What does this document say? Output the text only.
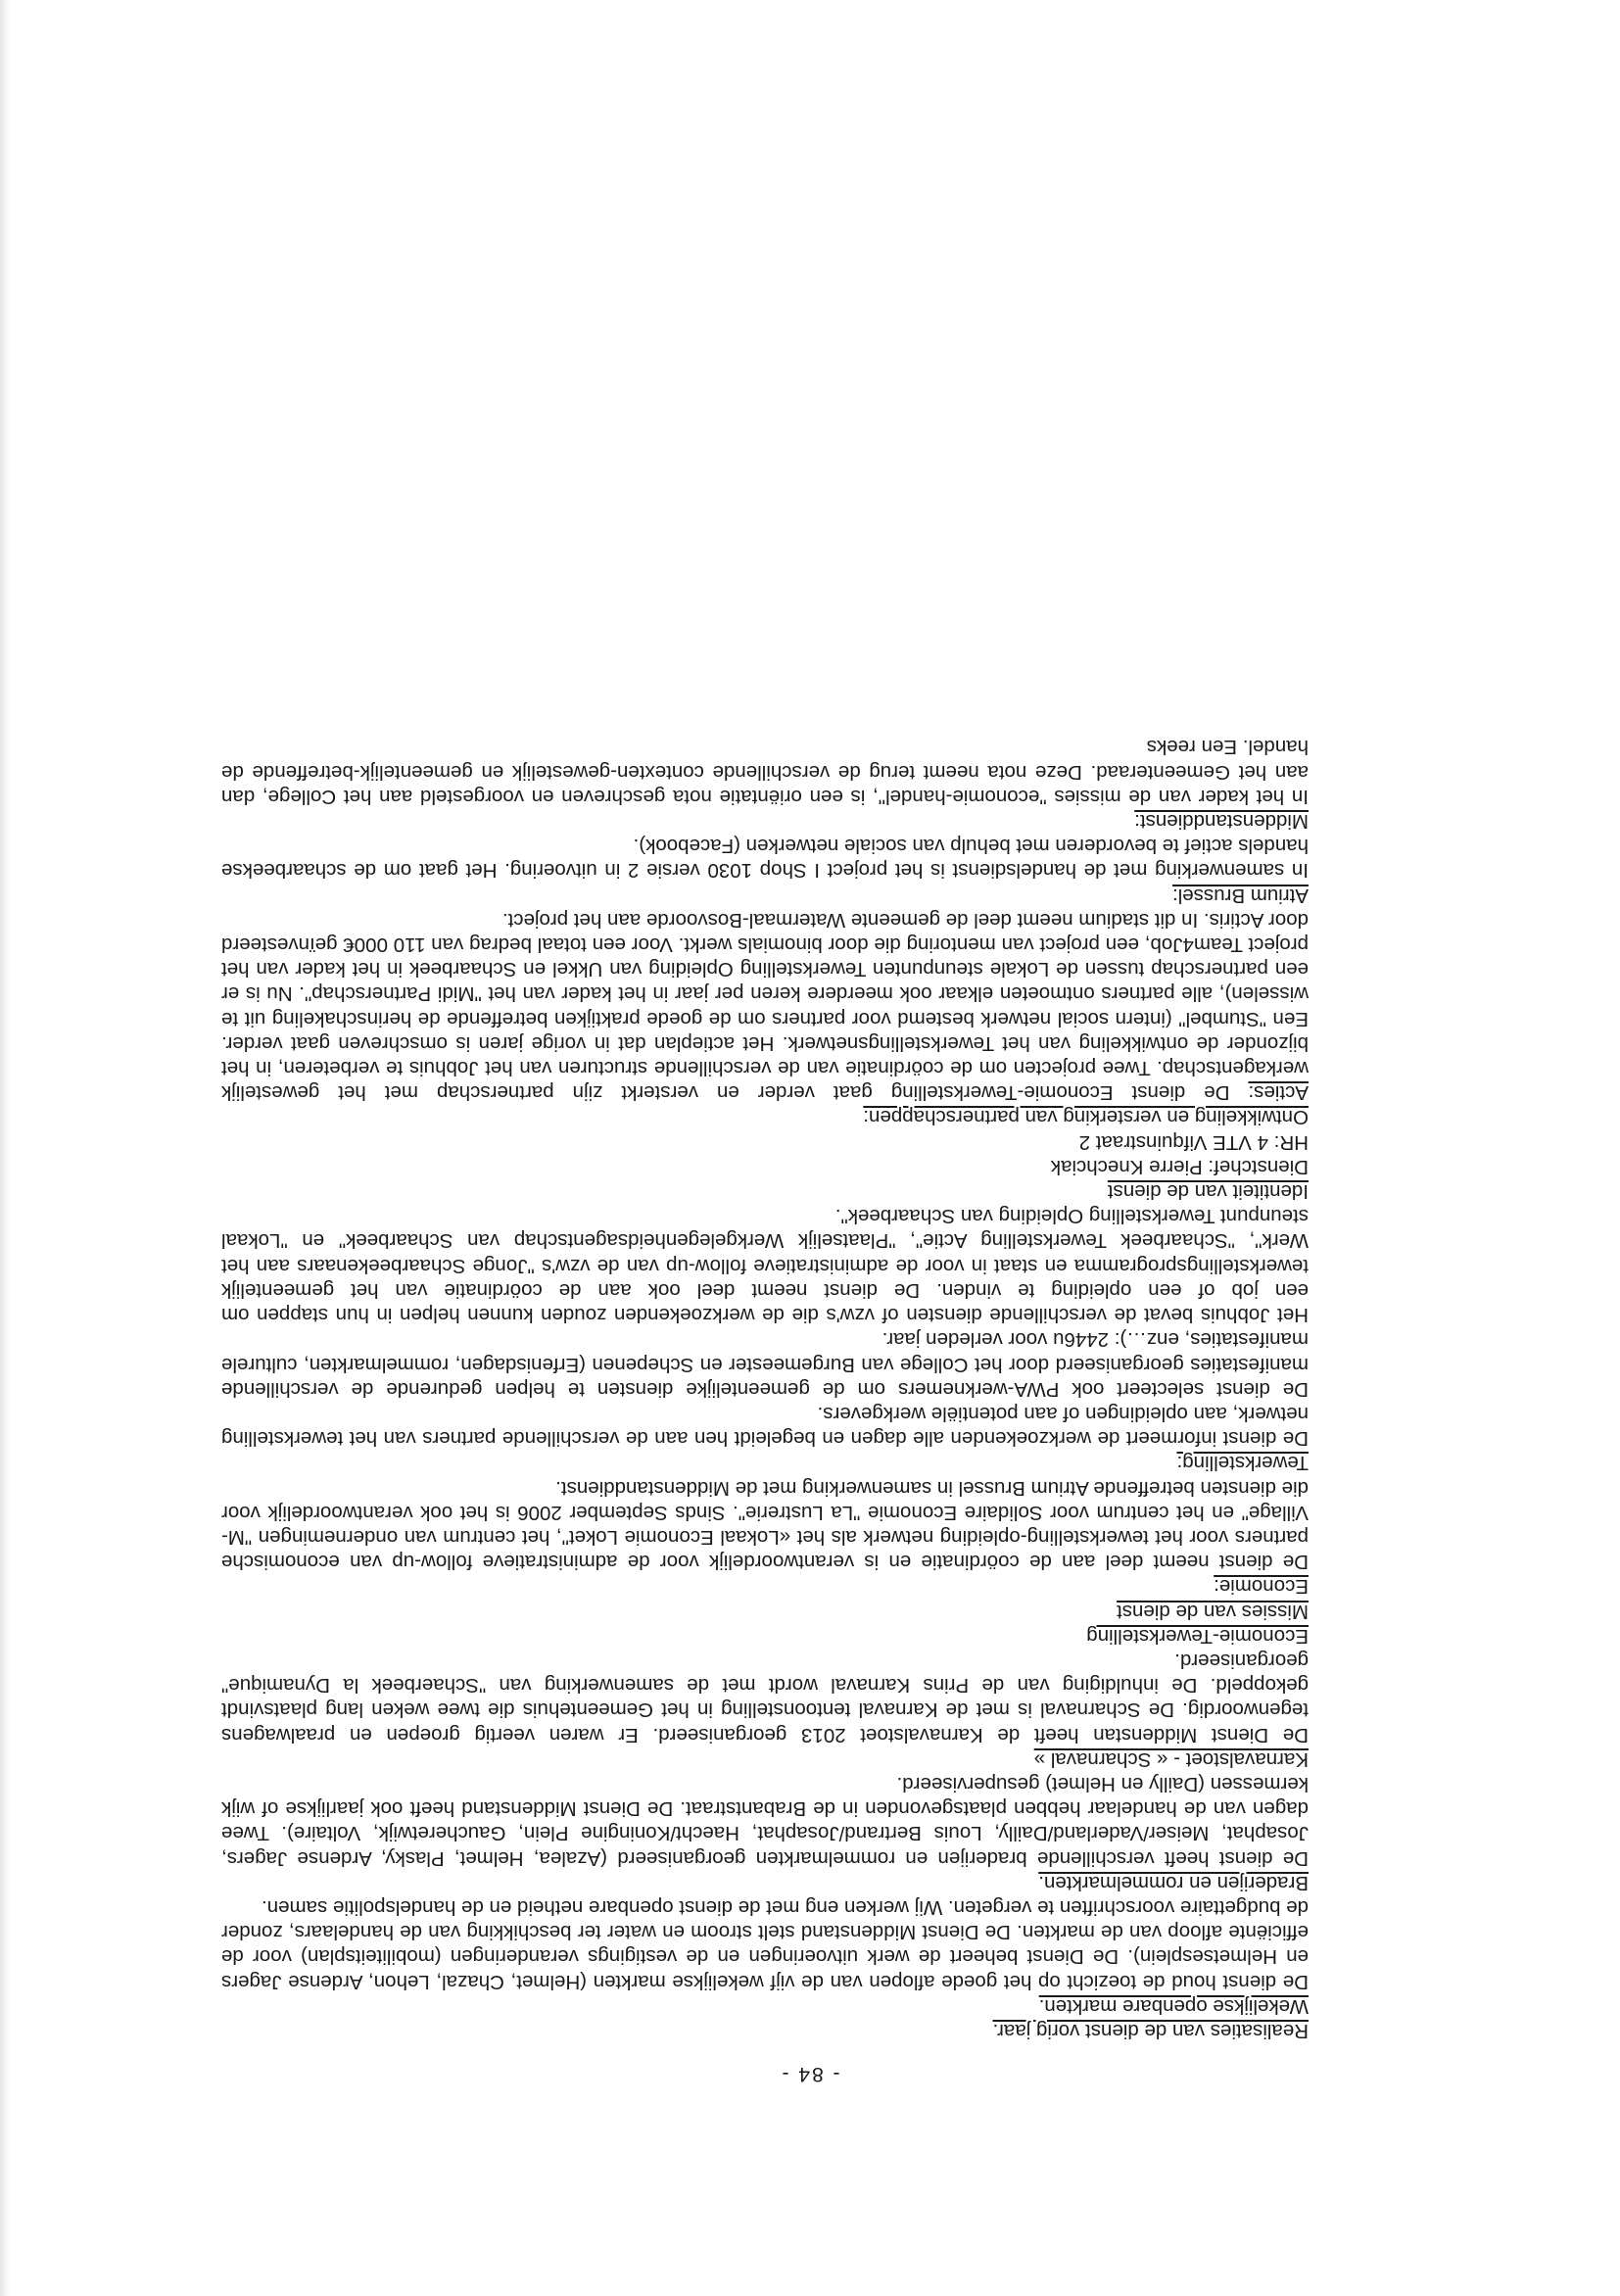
- 84 -

Realisaties van de dienst vorig jaar.

Wekelijkse openbare markten.

De dienst houd de toezicht op het goede aflopen van de vijf wekelijkse markten (Helmet, Chazal, Lehon, Ardense Jagers en Helmetsesplein). De Dienst beheert de werk uitvoeringen en de vestigings veranderingen (mobiliteitsplan) voor de efficiënte afloop van de markten. De Dienst Middenstand stelt stroom en water ter beschikking van de handelaars, zonder de budgettaire voorschriften te vergeten. Wij werken eng met de dienst openbare netheid en de handelspolitie samen.

Braderijen en rommelmarkten.

De dienst heeft verschillende braderijen en rommelmarkten georganiseerd (Azalea, Helmet, Plasky, Ardense Jagers, Josaphat, Meiser/Vaderland/Dailly, Louis Bertrand/Josaphat, Haecht/Koningine Plein, Gaucheretwijk, Voltaire). Twee dagen van de handelaar hebben plaatsgevonden in de Brabantstraat. De Dienst Middenstand heeft ook jaarlijkse of wijk kermessen (Dailly en Helmet) gesuperviseerd.

Karnavalstoet - « Scharnaval »

De Dienst Middenstan heeft de Karnavalstoet 2013 georganiseerd. Er waren veertig groepen en praalwagens tegenwoordig. De Scharnaval is met de Karnaval tentoonstelling in het Gemeentehuis die twee weken lang plaatsvindt gekoppeld. De inhuldiging van de Prins Karnaval wordt met de samenwerking van "Schaerbeek la Dynamique" georganiseerd.

Economie-Tewerkstelling

Missies van de dienst

Economie:

De dienst neemt deel aan de coördinatie en is verantwoordelijk voor de administratieve follow-up van economische partners voor het tewerkstelling-opleiding netwerk als het «Lokaal Economie Loket", het centrum van ondernemingen "M-Village" en het centrum voor Solidaire Economie "La Lustrerie". Sinds September 2006 is het ook verantwoordelijk voor die diensten betreffende Atrium Brussel in samenwerking met de Middenstanddienst.

Tewerkstelling:

De dienst informeert de werkzoekenden alle dagen en begeleidt hen aan de verschillende partners van het tewerkstelling netwerk, aan opleidingen of aan potentiële werkgevers.

De dienst selecteert ook PWA-werknemers om de gemeentelijke diensten te helpen gedurende de verschillende manifestaties georganiseerd door het College van Burgemeester en Schepenen (Erfenisdagen, rommelmarkten, culturele manifestaties, enz…): 2446u voor verleden jaar.

Het Jobhuis bevat de verschillende diensten of vzw's die de werkzoekenden zouden kunnen helpen in hun stappen om een job of een opleiding te vinden. De dienst neemt deel ook aan de coördinatie van het gemeentelijk tewerkstellingsprogramma en staat in voor de administratieve follow-up van de vzw's "Jonge Schaarbeekenaars aan het Werk", "Schaarbeek Tewerkstelling Actie", "Plaatselijk Werkgelegenheidsagentschap van Schaarbeek" en "Lokaal steunpunt Tewerkstelling Opleiding van Schaarbeek".

Identiteit van de dienst

Dienstchef: Pierre Knechciak

HR: 4 VTE Vifquinstraat 2

Ontwikkeling en versterking van partnerschappen:

Acties: De dienst Economie-Tewerkstelling gaat verder en versterkt zijn partnerschap met het gewestelijk werkagentschap. Twee projecten om de coördinatie van de verschillende structuren van het Jobhuis te verbeteren, in het bijzonder de ontwikkeling van het Tewerkstellingsnetwerk. Het actieplan dat in vorige jaren is omschreven gaat verder. Een "Stumbel" (intern social netwerk bestemd voor partners om de goede praktijken betreffende de herinschakeling uit te wisselen), alle partners ontmoeten elkaar ook meerdere keren per jaar in het kader van het "Midi Partnerschap". Nu is er een partnerschap tussen de Lokale steunpunten Tewerkstelling Opleiding van Ukkel en Schaarbeek in het kader van het project Team4Job, een project van mentoring die door binomials werkt. Voor een totaal bedrag van 110 000€ geïnvesteerd door Actiris. In dit stadium neemt deel de gemeente Watermaal-Bosvoorde aan het project.

Atrium Brussel:

In samenwerking met de handelsdienst is het project I Shop 1030 versie 2 in uitvoering. Het gaat om de schaarbeekse handels actief te bevorderen met behulp van sociale netwerken (Facebook).

Middenstanddienst:

In het kader van de missies "economie-handel", is een oriëntatie nota geschreven en voorgesteld aan het College, dan aan het Gemeenteraad. Deze nota neemt terug de verschillende contexten-gewestelijk en gemeentelijk-betreffende de handel. Een reeks
